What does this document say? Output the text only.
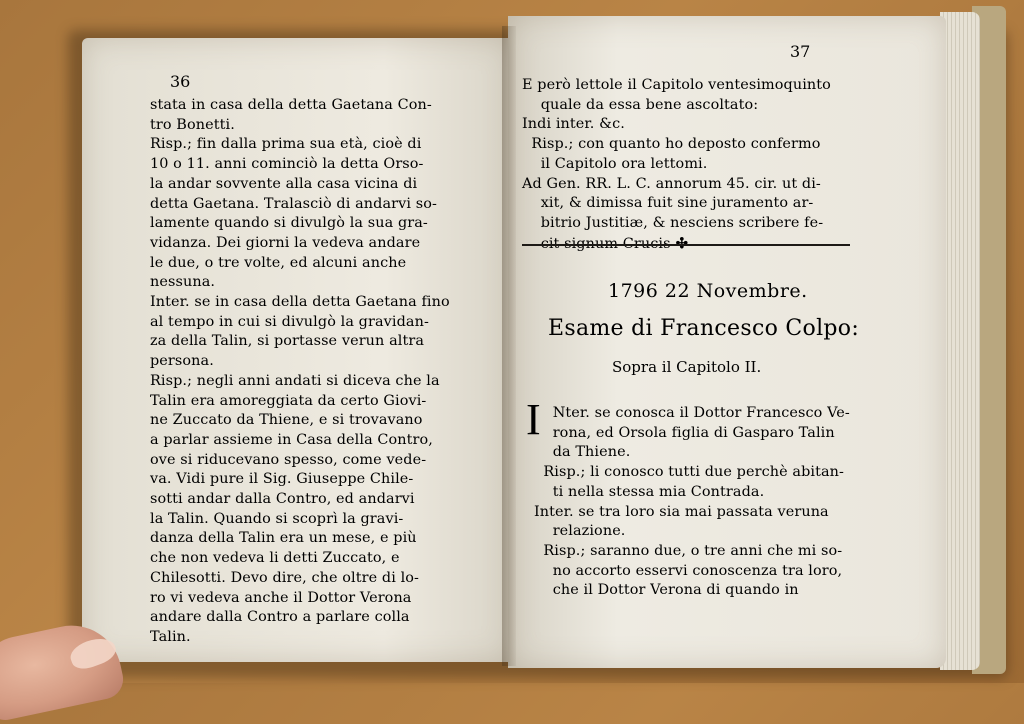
36
stata in casa della detta Gaetana Con-
tro Bonetti.
Risp.; fin dalla prima sua età, cioè di
10 o 11. anni cominciò la detta Orso-
la andar sovvente alla casa vicina di
detta Gaetana. Tralasciò di andarvi so-
lamente quando si divulgò la sua gra-
vidanza. Dei giorni la vedeva andare
le due, o tre volte, ed alcuni anche
nessuna.
Inter. se in casa della detta Gaetana fino
al tempo in cui si divulgò la gravidan-
za della Talin, si portasse verun altra
persona.
Risp.; negli anni andati si diceva che la
Talin era amoreggiata da certo Giovi-
ne Zuccato da Thiene, e si trovavano
a parlar assieme in Casa della Contro,
ove si riducevano spesso, come vede-
va. Vidi pure il Sig. Giuseppe Chile-
sotti andar dalla Contro, ed andarvi
la Talin. Quando si scoprì la gravi-
danza della Talin era un mese, e più
che non vedeva li detti Zuccato, e
Chilesotti. Devo dire, che oltre di lo-
ro vi vedeva anche il Dottor Verona
andare dalla Contro a parlare colla
Talin.
37
E però lettole il Capitolo ventesimoquinto
quale da essa bene ascoltato:
Indi inter. &c.
Risp.; con quanto ho deposto confermo
il Capitolo ora lettomi.
Ad Gen. RR. L. C. annorum 45. cir. ut di-
xit, & dimissa fuit sine juramento ar-
bitrio Justitiæ, & nesciens scribere fe-
1796 22 Novembre.
Esame di Francesco Colpo:
Sopra il Capitolo II.
I
Nter. se conosca il Dottor Francesco Ve-
rona, ed Orsola figlia di Gasparo Talin
da Thiene.
Risp.; li conosco tutti due perchè abitan-
ti nella stessa mia Contrada.
Inter. se tra loro sia mai passata veruna
relazione.
Risp.; saranno due, o tre anni che mi so-
no accorto esservi conoscenza tra loro,
che il Dottor Verona di quando in
